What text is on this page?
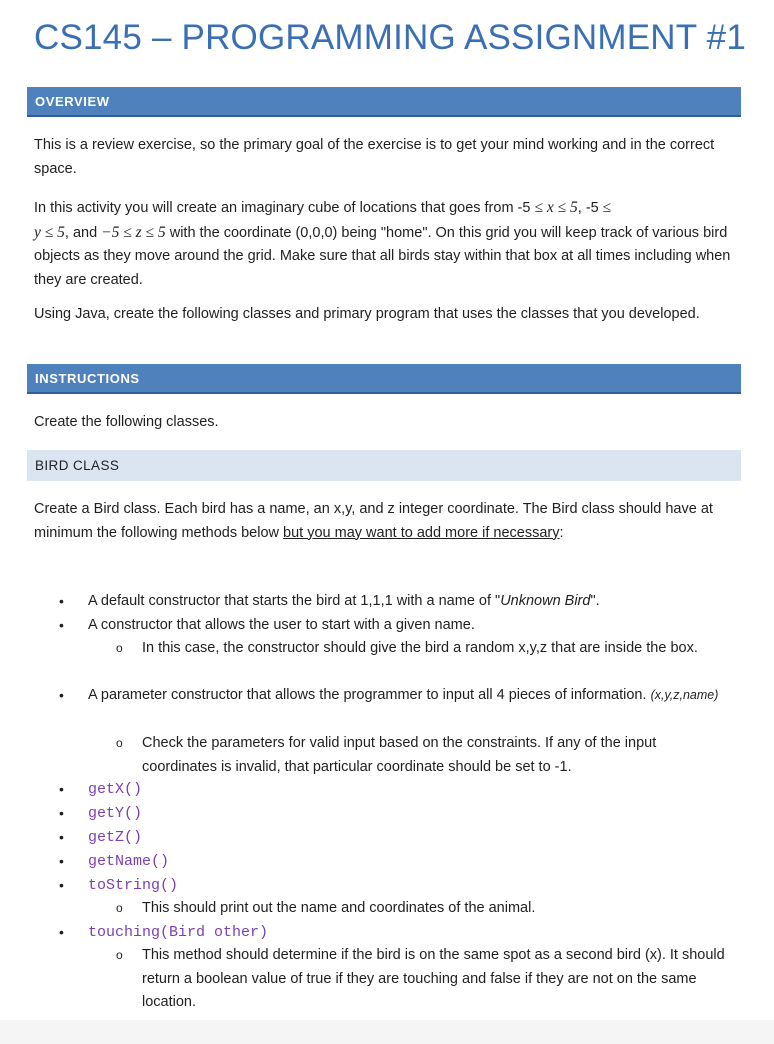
CS145 – PROGRAMMING ASSIGNMENT #1
OVERVIEW
This is a review exercise, so the primary goal of the exercise is to get your mind working and in the correct space.
In this activity you will create an imaginary cube of locations that goes from -5 ≤ x ≤ 5, -5 ≤
y ≤ 5, and −5 ≤ z ≤ 5 with the coordinate (0,0,0) being "home". On this grid you will keep track of various bird objects as they move around the grid. Make sure that all birds stay within that box at all times including when they are created.
Using Java, create the following classes and primary program that uses the classes that you developed.
INSTRUCTIONS
Create the following classes.
BIRD CLASS
Create a Bird class. Each bird has a name, an x,y, and z integer coordinate. The Bird class should have at minimum the following methods below but you may want to add more if necessary:
• A default constructor that starts the bird at 1,1,1 with a name of "Unknown Bird".
• A constructor that allows the user to start with a given name.
o In this case, the constructor should give the bird a random x,y,z that are inside the box.
• A parameter constructor that allows the programmer to input all 4 pieces of information. (x,y,z,name)
o Check the parameters for valid input based on the constraints. If any of the input coordinates is invalid, that particular coordinate should be set to -1.
• getX()
• getY()
• getZ()
• getName()
• toString()
o This should print out the name and coordinates of the animal.
• touching(Bird other)
o This method should determine if the bird is on the same spot as a second bird (x). It should return a boolean value of true if they are touching and false if they are not on the same location.
